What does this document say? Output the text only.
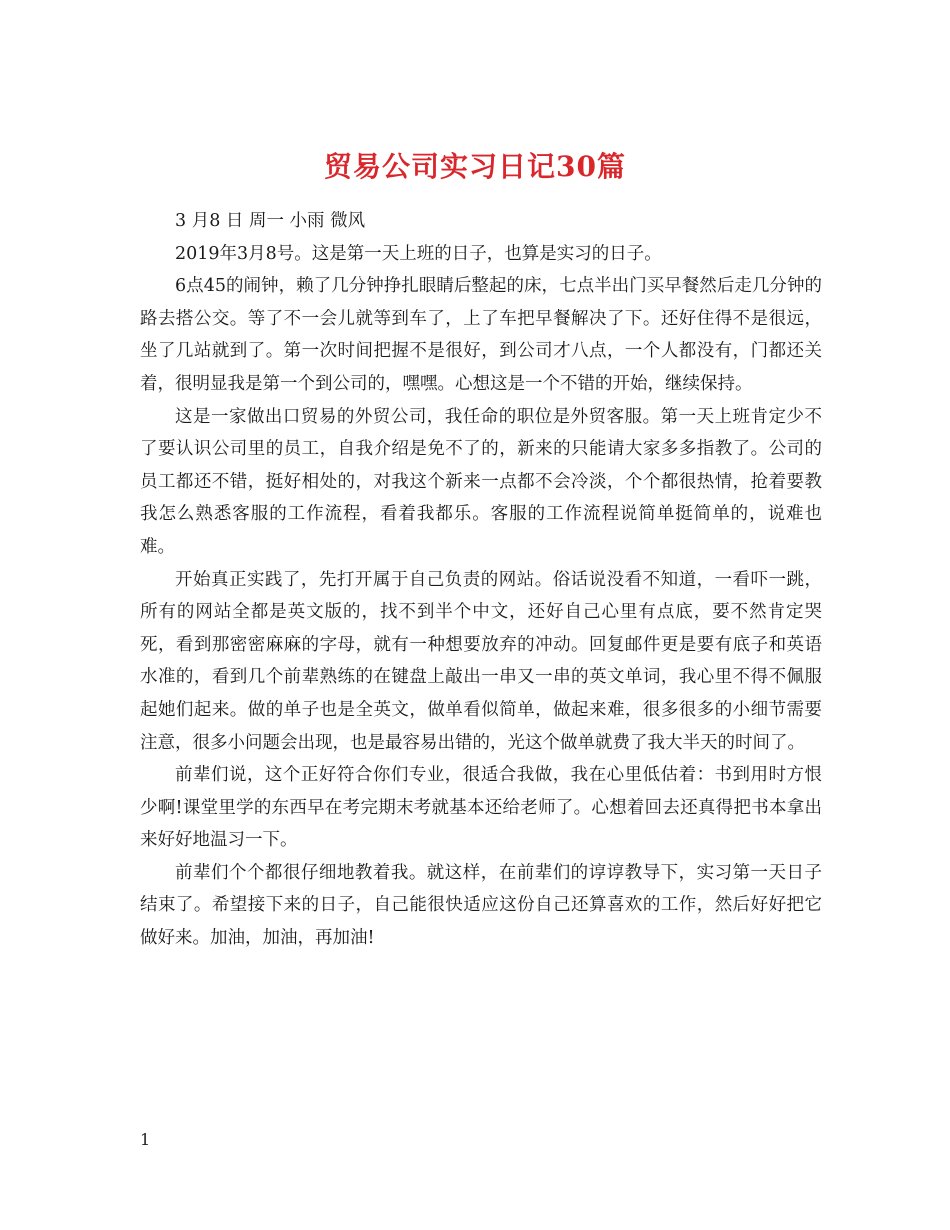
贸易公司实习日记30篇

3 月8 日 周一 小雨 微风

2019年3月8号。这是第一天上班的日子，也算是实习的日子。

6点45的闹钟，赖了几分钟挣扎眼睛后整起的床，七点半出门买早餐然后走几分钟的路去搭公交。等了不一会儿就等到车了，上了车把早餐解决了下。还好住得不是很远，坐了几站就到了。第一次时间把握不是很好，到公司才八点，一个人都没有，门都还关着，很明显我是第一个到公司的，嘿嘿。心想这是一个不错的开始，继续保持。

这是一家做出口贸易的外贸公司，我任命的职位是外贸客服。第一天上班肯定少不了要认识公司里的员工，自我介绍是免不了的，新来的只能请大家多多指教了。公司的员工都还不错，挺好相处的，对我这个新来一点都不会冷淡，个个都很热情，抢着要教我怎么熟悉客服的工作流程，看着我都乐。客服的工作流程说简单挺简单的，说难也难。

开始真正实践了，先打开属于自己负责的网站。俗话说没看不知道，一看吓一跳，所有的网站全都是英文版的，找不到半个中文，还好自己心里有点底，要不然肯定哭死，看到那密密麻麻的字母，就有一种想要放弃的冲动。回复邮件更是要有底子和英语水准的，看到几个前辈熟练的在键盘上敲出一串又一串的英文单词，我心里不得不佩服起她们起来。做的单子也是全英文，做单看似简单，做起来难，很多很多的小细节需要注意，很多小问题会出现，也是最容易出错的，光这个做单就费了我大半天的时间了。

前辈们说，这个正好符合你们专业，很适合我做，我在心里低估着：书到用时方恨少啊!课堂里学的东西早在考完期末考就基本还给老师了。心想着回去还真得把书本拿出来好好地温习一下。

前辈们个个都很仔细地教着我。就这样，在前辈们的谆谆教导下，实习第一天日子结束了。希望接下来的日子，自己能很快适应这份自己还算喜欢的工作，然后好好把它做好来。加油，加油，再加油!

1
